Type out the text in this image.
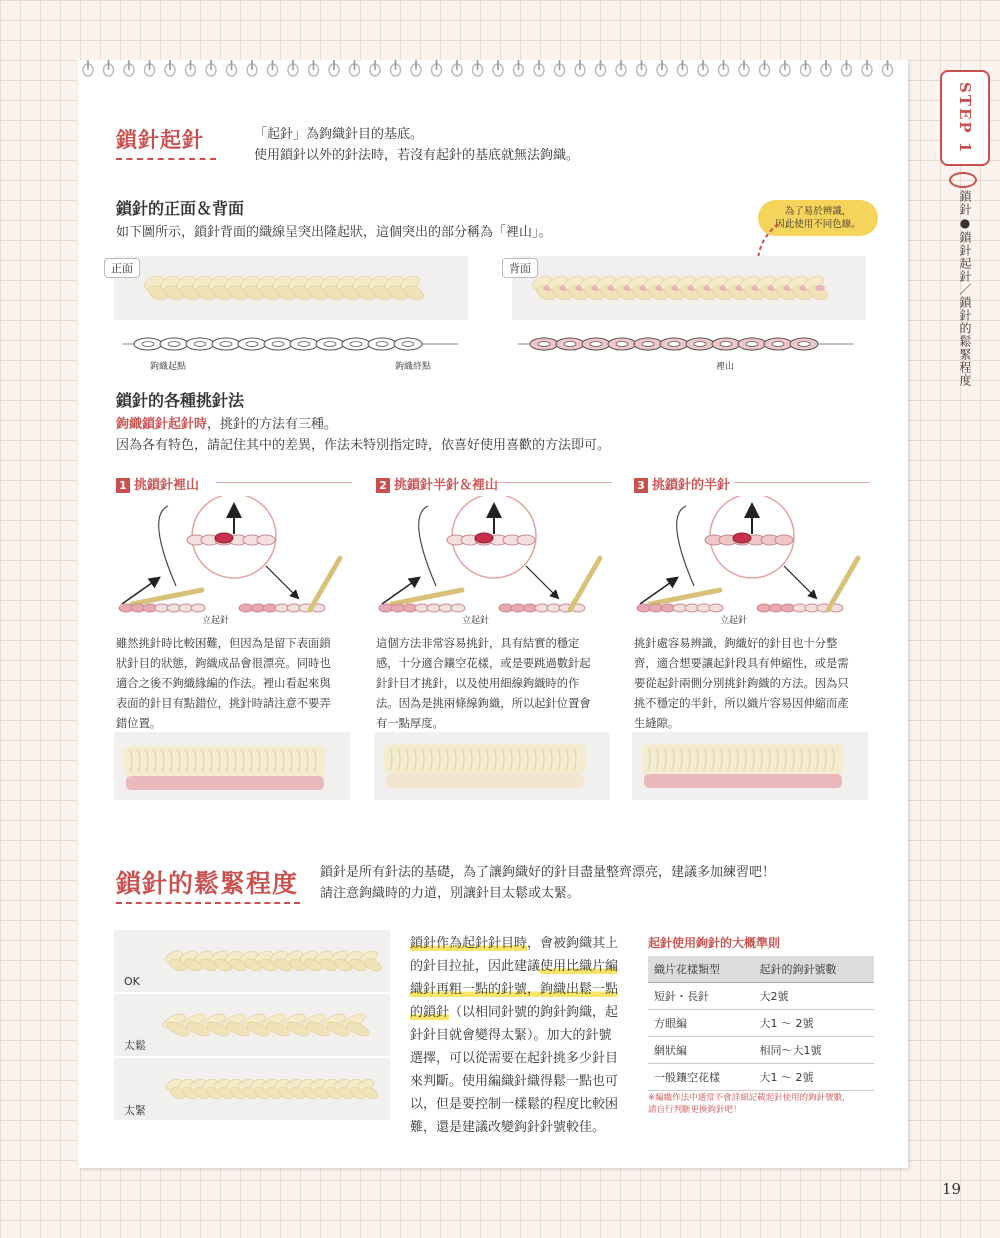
STEP 1
鎖針●鎖針起針／鎖針的鬆緊程度
鎖針起針	「起針」為鉤織針目的基底。
使用鎖針以外的針法時，若沒有起針的基底就無法鉤織。
鎖針的正面＆背面
如下圖所示，鎖針背面的織線呈突出隆起狀，這個突出的部分稱為「裡山」。
為了易於辨識，
因此使用不同色線。
正面	背面
鉤織起點	鉤織終點	裡山
鎖針的各種挑針法
鉤織鎖針起針時，挑針的方法有三種。
因為各有特色，請記住其中的差異，作法未特別指定時，依喜好使用喜歡的方法即可。
1 挑鎖針裡山
立起針
雖然挑針時比較困難，但因為是留下表面鎖
狀針目的狀態，鉤織成品會很漂亮。同時也
適合之後不鉤織緣編的作法。裡山看起來與
表面的針目有點錯位，挑針時請注意不要弄
錯位置。
2 挑鎖針半針＆裡山
立起針
這個方法非常容易挑針，具有結實的穩定
感，十分適合鑲空花樣，或是要跳過數針起
針針目才挑針，以及使用細線鉤織時的作
法。因為是挑兩條線鉤織，所以起針位置會
有一點厚度。
3 挑鎖針的半針
立起針
挑針處容易辨識，鉤織好的針目也十分整
齊，適合想要讓起針段具有伸縮性，或是需
要從起針兩側分別挑針鉤織的方法。因為只
挑不穩定的半針，所以織片容易因伸縮而產
生縫隙。
鎖針的鬆緊程度 鎖針是所有針法的基礎，為了讓鉤織好的針目盡量整齊漂亮，建議多加練習吧！
請注意鉤織時的力道，別讓針目太鬆或太緊。
OK
太鬆
太緊
鎖針作為起針針目時，會被鉤織其上
的針目拉扯，因此建議使用比織片編
織針再粗一點的針號，鉤織出鬆一點
的鎖針（以相同針號的鉤針鉤織，起
針針目就會變得太緊）。加大的針號
選擇，可以從需要在起針挑多少針目
來判斷。使用編織針織得鬆一點也可
以，但是要控制一樣鬆的程度比較困
難，還是建議改變鉤針針號較佳。
起針使用鉤針的大概準則
織片花樣類型	起針的鉤針號數
短針・長針	大2號
方眼編	大1 ～ 2號
網狀編	相同～大1號
一般鑲空花樣	大1 ～ 2號
※編織作法中通常不會詳細記載起針使用的鉤針號數，
請自行判斷更換鉤針吧！
19
